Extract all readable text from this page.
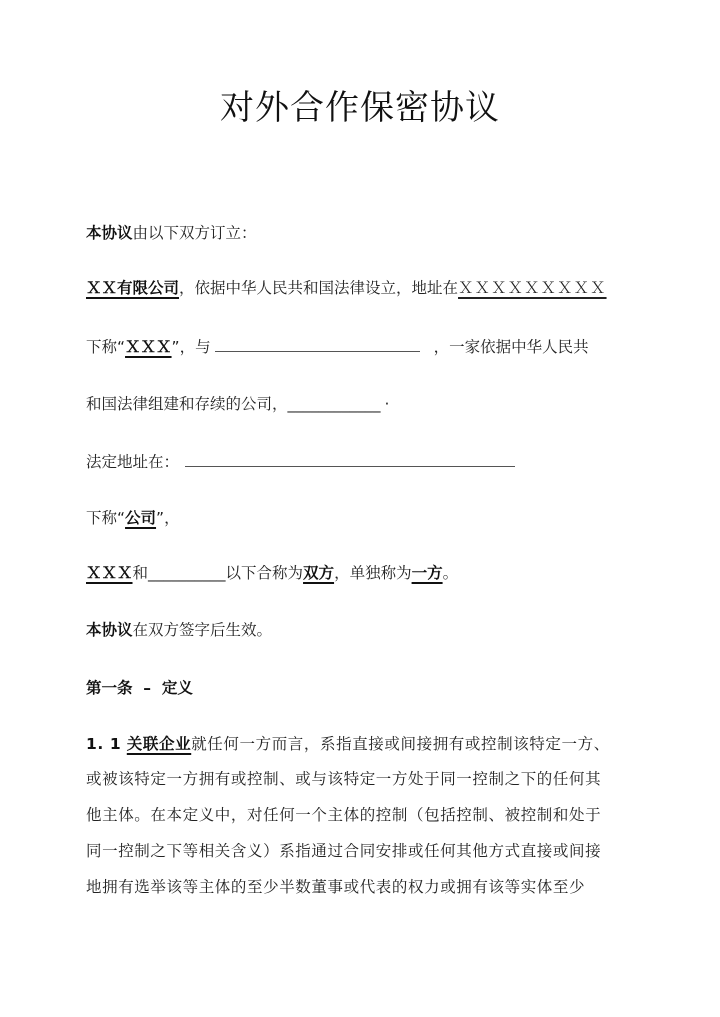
对外合作保密协议
本协议由以下双方订立：
ＸＸ有限公司，依据中华人民共和国法律设立，地址在ＸＸＸＸＸＸＸＸＸ
下称“ＸＸＸ”，与	，一家依据中华人民共
和国法律组建和存续的公司，____________ ·
法定地址在：
下称“公司”，
ＸＸＸ和__________以下合称为双方，单独称为一方。
本协议在双方签字后生效。
第一条  –  定义
1. 1 关联企业就任何一方而言，系指直接或间接拥有或控制该特定一方、
或被该特定一方拥有或控制、或与该特定一方处于同一控制之下的任何其
他主体。在本定义中，对任何一个主体的控制（包括控制、被控制和处于
同一控制之下等相关含义）系指通过合同安排或任何其他方式直接或间接
地拥有选举该等主体的至少半数董事或代表的权力或拥有该等实体至少
